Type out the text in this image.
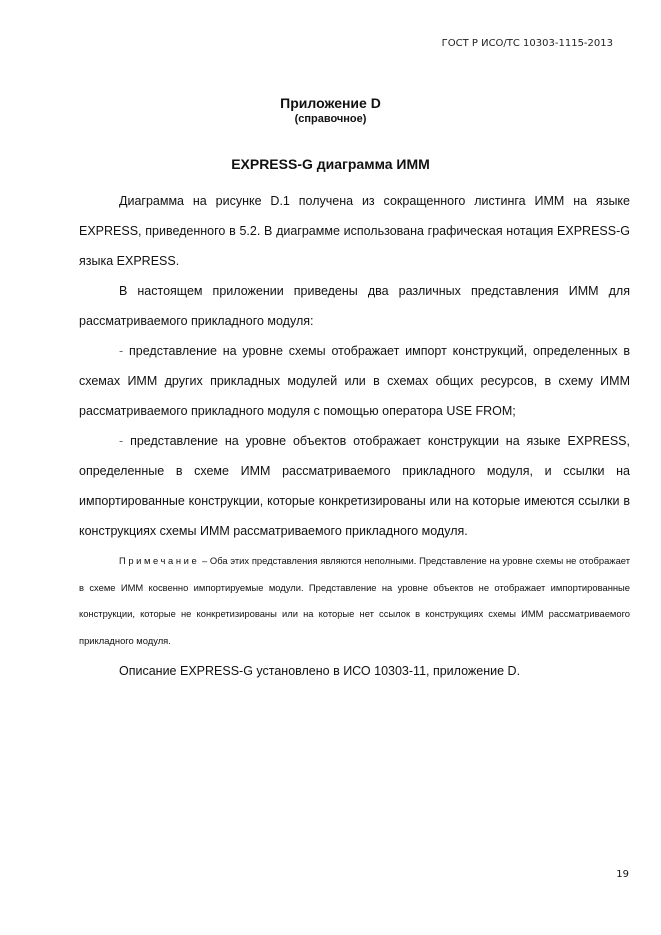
ГОСТ Р ИСО/ТС 10303-1115-2013
Приложение D
(справочное)
EXPRESS-G диаграмма ИММ

Диаграмма на рисунке D.1 получена из сокращенного листинга ИММ на языке EXPRESS, приведенного в 5.2. В диаграмме использована графическая нотация EXPRESS-G языка EXPRESS.

В настоящем приложении приведены два различных представления ИММ для рассматриваемого прикладного модуля:

- представление на уровне схемы отображает импорт конструкций, определенных в схемах ИММ других прикладных модулей или в схемах общих ресурсов, в схему ИММ рассматриваемого прикладного модуля с помощью оператора USE FROM;

- представление на уровне объектов отображает конструкции на языке EXPRESS, определенные в схеме ИММ рассматриваемого прикладного модуля, и ссылки на импортированные конструкции, которые конкретизированы или на которые имеются ссылки в конструкциях схемы ИММ рассматриваемого прикладного модуля.

Примечание – Оба этих представления являются неполными. Представление на уровне схемы не отображает в схеме ИММ косвенно импортируемые модули. Представление на уровне объектов не отображает импортированные конструкции, которые не конкретизированы или на которые нет ссылок в конструкциях схемы ИММ рассматриваемого прикладного модуля.

Описание EXPRESS-G установлено в ИСО 10303-11, приложение D.

19
